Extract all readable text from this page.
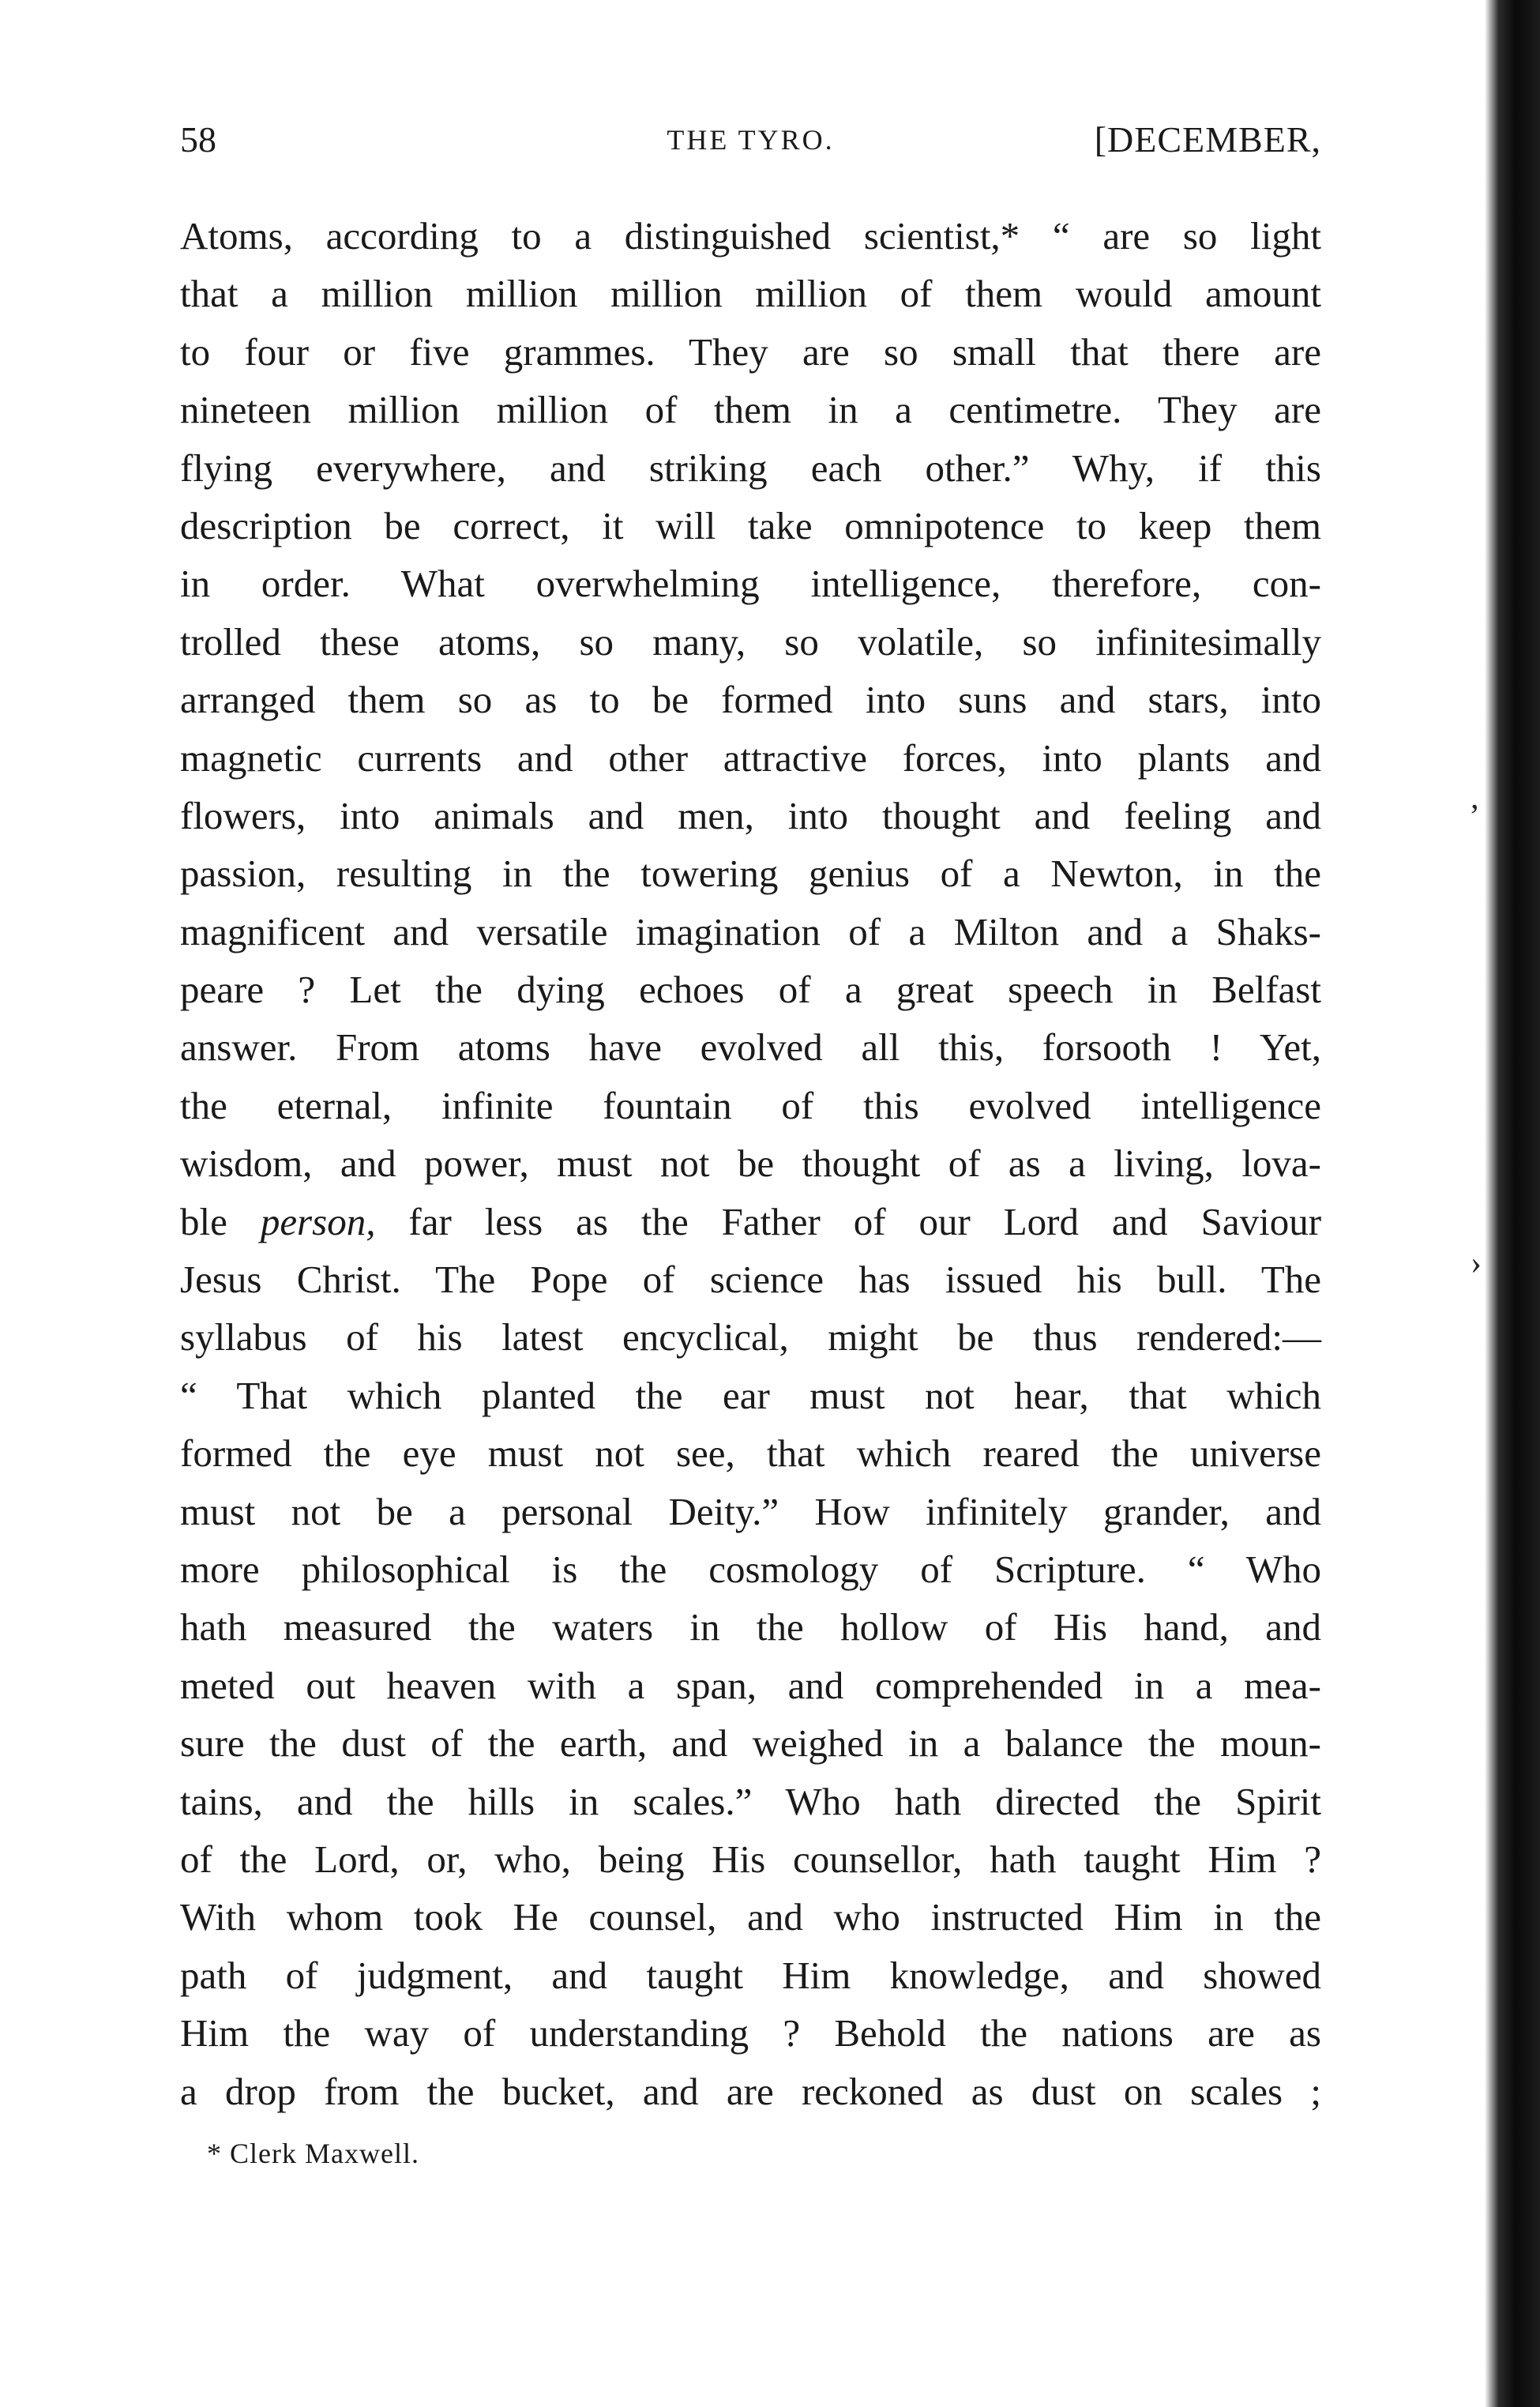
58	THE TYRO.	[DECEMBER,
Atoms, according to a distinguished scientist,* “ are so light
that a million million million million of them would amount
to four or five grammes. They are so small that there are
nineteen million million of them in a centimetre. They are
flying everywhere, and striking each other.” Why, if this
description be correct, it will take omnipotence to keep them
in order. What overwhelming intelligence, therefore, con-
trolled these atoms, so many, so volatile, so infinitesimally
arranged them so as to be formed into suns and stars, into
magnetic currents and other attractive forces, into plants and
flowers, into animals and men, into thought and feeling and
passion, resulting in the towering genius of a Newton, in the
magnificent and versatile imagination of a Milton and a Shaks-
peare ? Let the dying echoes of a great speech in Belfast
answer. From atoms have evolved all this, forsooth ! Yet,
the eternal, infinite fountain of this evolved intelligence
wisdom, and power, must not be thought of as a living, lova-
ble person, far less as the Father of our Lord and Saviour
Jesus Christ. The Pope of science has issued his bull. The
syllabus of his latest encyclical, might be thus rendered:—
“ That which planted the ear must not hear, that which
formed the eye must not see, that which reared the universe
must not be a personal Deity.” How infinitely grander, and
more philosophical is the cosmology of Scripture. “ Who
hath measured the waters in the hollow of His hand, and
meted out heaven with a span, and comprehended in a mea-
sure the dust of the earth, and weighed in a balance the moun-
tains, and the hills in scales.” Who hath directed the Spirit
of the Lord, or, who, being His counsellor, hath taught Him ?
With whom took He counsel, and who instructed Him in the
path of judgment, and taught Him knowledge, and showed
Him the way of understanding ? Behold the nations are as
a drop from the bucket, and are reckoned as dust on scales ;
* Clerk Maxwell.
’
›
